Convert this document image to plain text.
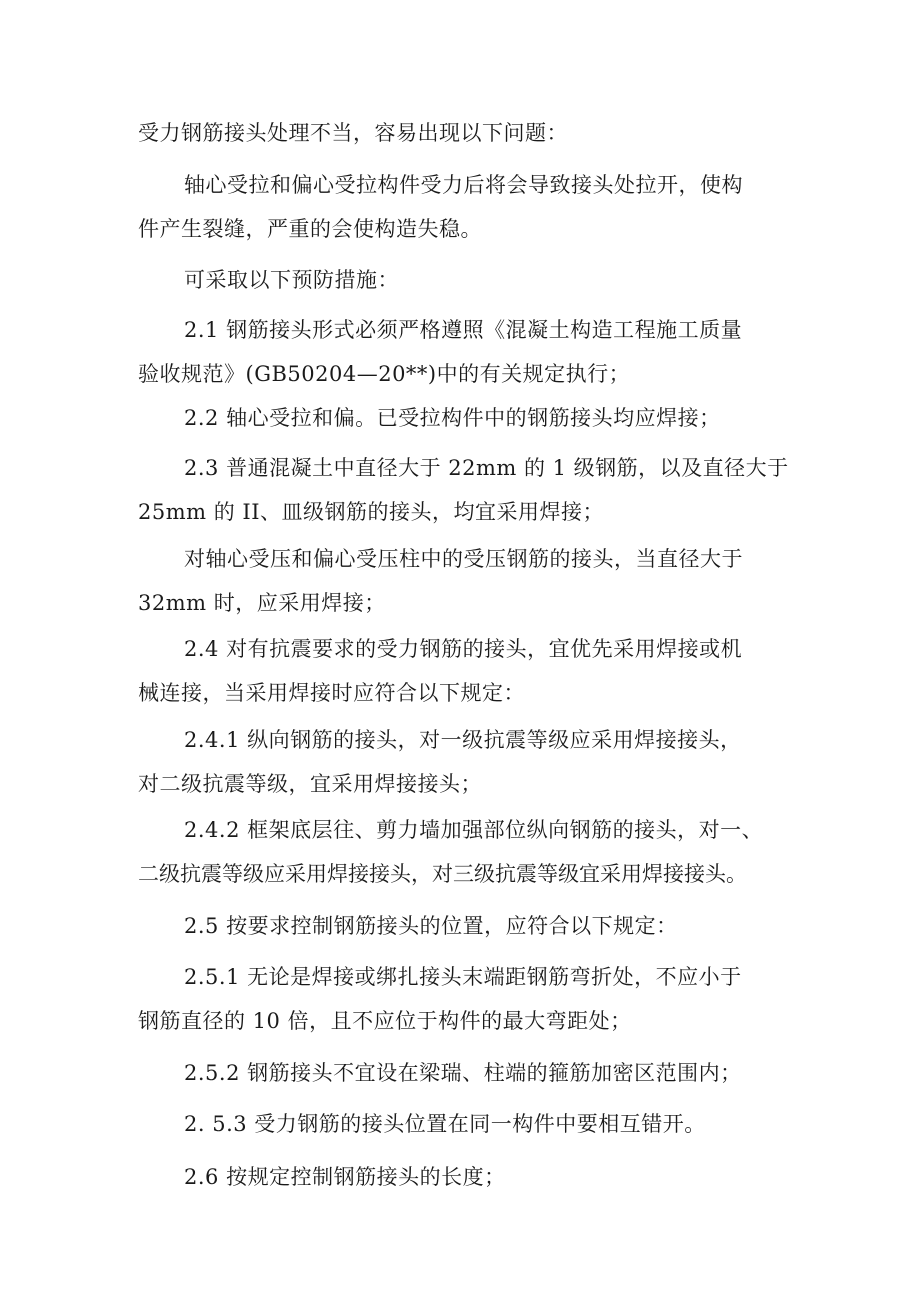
受力钢筋接头处理不当，容易出现以下问题：

轴心受拉和偏心受拉构件受力后将会导致接头处拉开，使构
件产生裂缝，严重的会使构造失稳。

可采取以下预防措施：

2.1 钢筋接头形式必须严格遵照《混凝土构造工程施工质量
验收规范》(GB50204—20**)中的有关规定执行；

2.2 轴心受拉和偏。已受拉构件中的钢筋接头均应焊接；

2.3 普通混凝土中直径大于 22mm 的 1 级钢筋，以及直径大于
25mm 的 II、皿级钢筋的接头，均宜采用焊接；

对轴心受压和偏心受压柱中的受压钢筋的接头，当直径大于
32mm 时，应采用焊接；

2.4 对有抗震要求的受力钢筋的接头，宜优先采用焊接或机
械连接，当采用焊接时应符合以下规定：

2.4.1 纵向钢筋的接头，对一级抗震等级应采用焊接接头，
对二级抗震等级，宜采用焊接接头；

2.4.2 框架底层往、剪力墙加强部位纵向钢筋的接头，对一、
二级抗震等级应采用焊接接头，对三级抗震等级宜采用焊接接头。

2.5 按要求控制钢筋接头的位置，应符合以下规定：

2.5.1 无论是焊接或绑扎接头末端距钢筋弯折处，不应小于
钢筋直径的 10 倍，且不应位于构件的最大弯距处；

2.5.2 钢筋接头不宜设在梁瑞、柱端的箍筋加密区范围内；

2. 5.3 受力钢筋的接头位置在同一构件中要相互错开。

2.6 按规定控制钢筋接头的长度；
